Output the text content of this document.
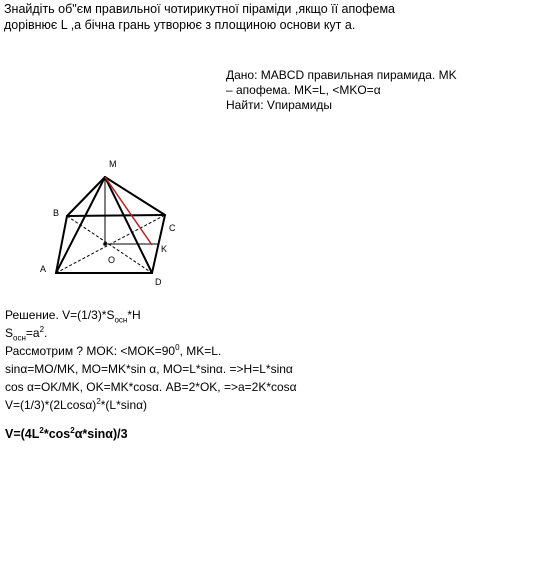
Знайдіть об"єм правильної чотирикутної піраміди ,якщо її апофема
дорівнює L ,а бічна грань утворює з площиною основи кут а.
Дано: MABCD правильная пирамида. MK
– апофема. MK=L, <MKO=α
Найти: Vпирамиды
M
B
C
K
O
A
D
Решение. $V=(1/3)*S_{осн}*H$
$S_{осн}=a^2$.
Рассмотрим ? MOK: $<MOK=90^0$, MK=L.
sinα=MO/MK, MO=MK*sin α, MO=L*sinα. =>H=L*sinα
cos α=OK/MK, OK=MK*cosα. AB=2*OK, =>a=2K*cosα
$V=(1/3)*(2Lcos\alpha)^2*(L*\sin\alpha)$
$V=(4L^2*\cos^2\alpha*\sin\alpha)/3$
